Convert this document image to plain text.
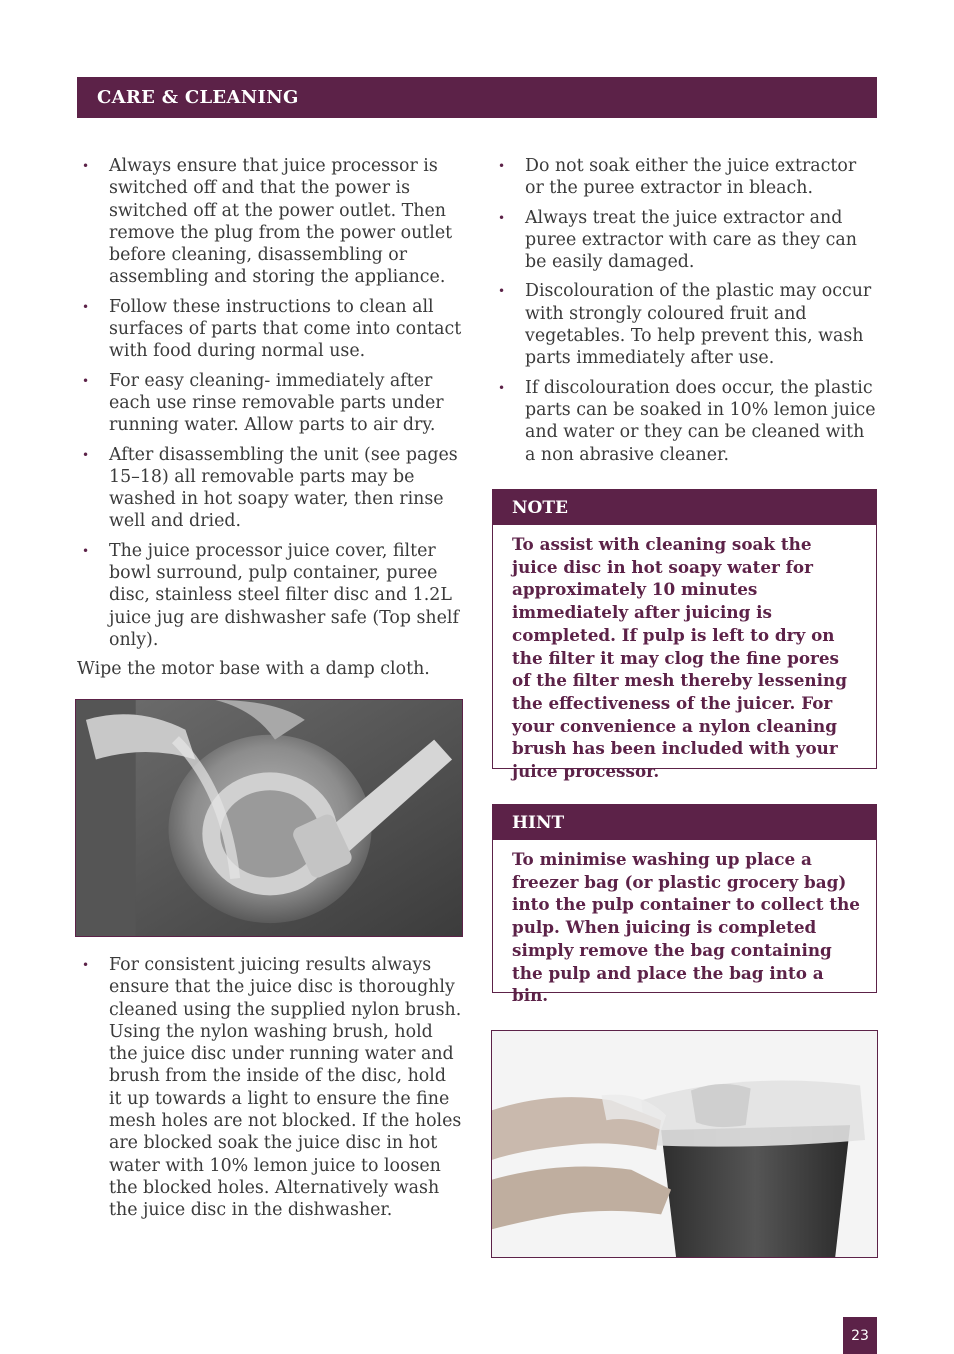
CARE & CLEANING
• Always ensure that juice processor is switched off and that the power is switched off at the power outlet. Then remove the plug from the power outlet before cleaning, disassembling or assembling and storing the appliance.
• Follow these instructions to clean all surfaces of parts that come into contact with food during normal use.
• For easy cleaning- immediately after each use rinse removable parts under running water. Allow parts to air dry.
• After disassembling the unit (see pages 15–18) all removable parts may be washed in hot soapy water, then rinse well and dried.
• The juice processor juice cover, filter bowl surround, pulp container, puree disc, stainless steel filter disc and 1.2L juice jug are dishwasher safe (Top shelf only).

Wipe the motor base with a damp cloth.

• For consistent juicing results always ensure that the juice disc is thoroughly cleaned using the supplied nylon brush. Using the nylon washing brush, hold the juice disc under running water and brush from the inside of the disc, hold it up towards a light to ensure the fine mesh holes are not blocked. If the holes are blocked soak the juice disc in hot water with 10% lemon juice to loosen the blocked holes. Alternatively wash the juice disc in the dishwasher.
• Do not soak either the juice extractor or the puree extractor in bleach.
• Always treat the juice extractor and puree extractor with care as they can be easily damaged.
• Discolouration of the plastic may occur with strongly coloured fruit and vegetables. To help prevent this, wash parts immediately after use.
• If discolouration does occur, the plastic parts can be soaked in 10% lemon juice and water or they can be cleaned with a non abrasive cleaner.
NOTE
To assist with cleaning soak the juice disc in hot soapy water for approximately 10 minutes immediately after juicing is completed. If pulp is left to dry on the filter it may clog the fine pores of the filter mesh thereby lessening the effectiveness of the juicer. For your convenience a nylon cleaning brush has been included with your juice processor.
HINT
To minimise washing up place a freezer bag (or plastic grocery bag) into the pulp container to collect the pulp. When juicing is completed simply remove the bag containing the pulp and place the bag into a bin.
23
